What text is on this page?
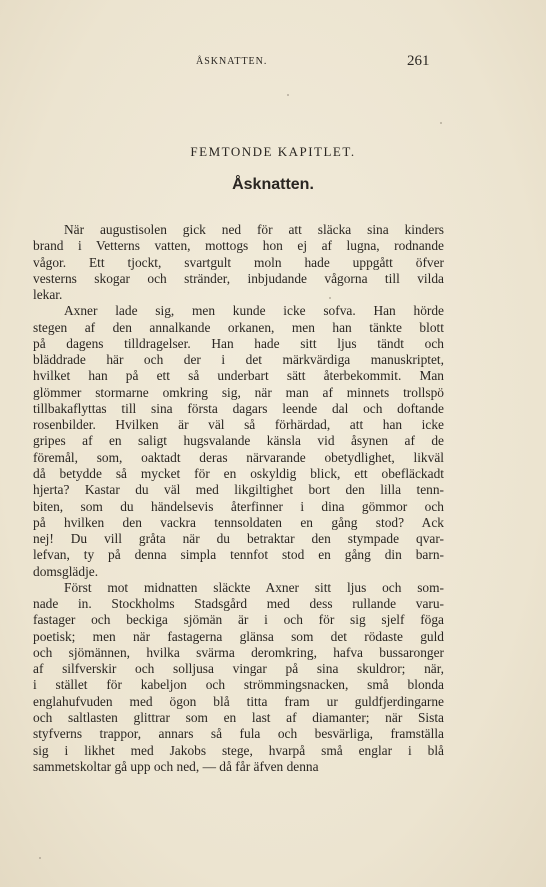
ÅSKNATTEN.	261
FEMTONDE KAPITLET.
Åsknatten.
När augustisolen gick ned för att släcka sina kinders
brand i Vetterns vatten, mottogs hon ej af lugna, rodnande
vågor. Ett tjockt, svartgult moln hade uppgått öfver
vesterns skogar och stränder, inbjudande vågorna till vilda
lekar.
Axner lade sig, men kunde icke sofva. Han hörde
stegen af den annalkande orkanen, men han tänkte blott
på dagens tilldragelser. Han hade sitt ljus tändt och
bläddrade här och der i det märkvärdiga manuskriptet,
hvilket han på ett så underbart sätt återbekommit. Man
glömmer stormarne omkring sig, när man af minnets trollspö
tillbakaflyttas till sina första dagars leende dal och doftande
rosenbilder. Hvilken är väl så förhärdad, att han icke
gripes af en saligt hugsvalande känsla vid åsynen af de
föremål, som, oaktadt deras närvarande obetydlighet, likväl
då betydde så mycket för en oskyldig blick, ett obefläckadt
hjerta? Kastar du väl med likgiltighet bort den lilla tenn-
biten, som du händelsevis återfinner i dina gömmor och
på hvilken den vackra tennsoldaten en gång stod? Ack
nej! Du vill gråta när du betraktar den stympade qvar-
lefvan, ty på denna simpla tennfot stod en gång din barn-
domsglädje.
Först mot midnatten släckte Axner sitt ljus och som-
nade in. Stockholms Stadsgård med dess rullande varu-
fastager och beckiga sjömän är i och för sig sjelf föga
poetisk; men när fastagerna glänsa som det rödaste guld
och sjömännen, hvilka svärma deromkring, hafva bussaronger
af silfverskir och solljusa vingar på sina skuldror; när,
i stället för kabeljon och strömmingsnacken, små blonda
englahufvuden med ögon blå titta fram ur guldfjerdingarne
och saltlasten glittrar som en last af diamanter; när Sista
styfverns trappor, annars så fula och besvärliga, framställa
sig i likhet med Jakobs stege, hvarpå små englar i blå
sammetskoltar gå upp och ned, — då får äfven denna
